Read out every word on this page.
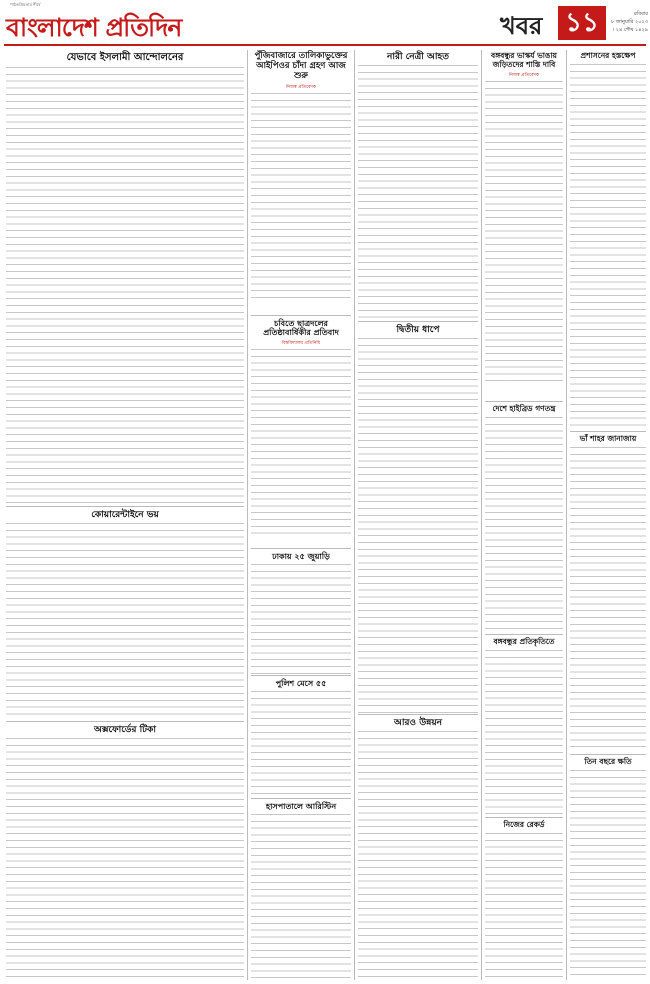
বাংলাদেশ প্রতিদিন
পাঠকপ্রিয়তায় শীর্ষে
খবর ১১	রবিবার
৮ জানুয়ারি ২০২৩ । ২৪ পৌষ ১৪২৯
যেভাবে ইসলামী আন্দোলনের
কোয়ারেন্টাইনে ভয়
অক্সফোর্ডের টিকা
পুঁজিবাজারে তালিকাভুক্তের আইপিওর চাঁদা গ্রহণ আজ শুরু
নিজস্ব প্রতিবেদক
চবিতে ছাত্রদলের প্রতিষ্ঠাবার্ষিকীর প্রতিবাদ
বিশ্ববিদ্যালয় প্রতিনিধি
ঢাকায় ২৫ জুয়াড়ি
পুলিশ মেসে ৫৫
হাসপাতালে আরিস্টিন
নারী নেত্রী আহত
দ্বিতীয় ধাপে
আরও উন্নয়ন
বঙ্গবন্ধুর ভাস্কর্য ভাঙায় জড়িতদের শাস্তি দাবি
নিজস্ব প্রতিবেদক
দেশে হাইব্রিড গণতন্ত্র
বঙ্গবন্ধুর প্রতিকৃতিতে
নিজের রেকর্ড
প্রশাসনের হস্তক্ষেপ
ভাঁ শাহর জানাজায়
তিন বছরে ক্ষতি
